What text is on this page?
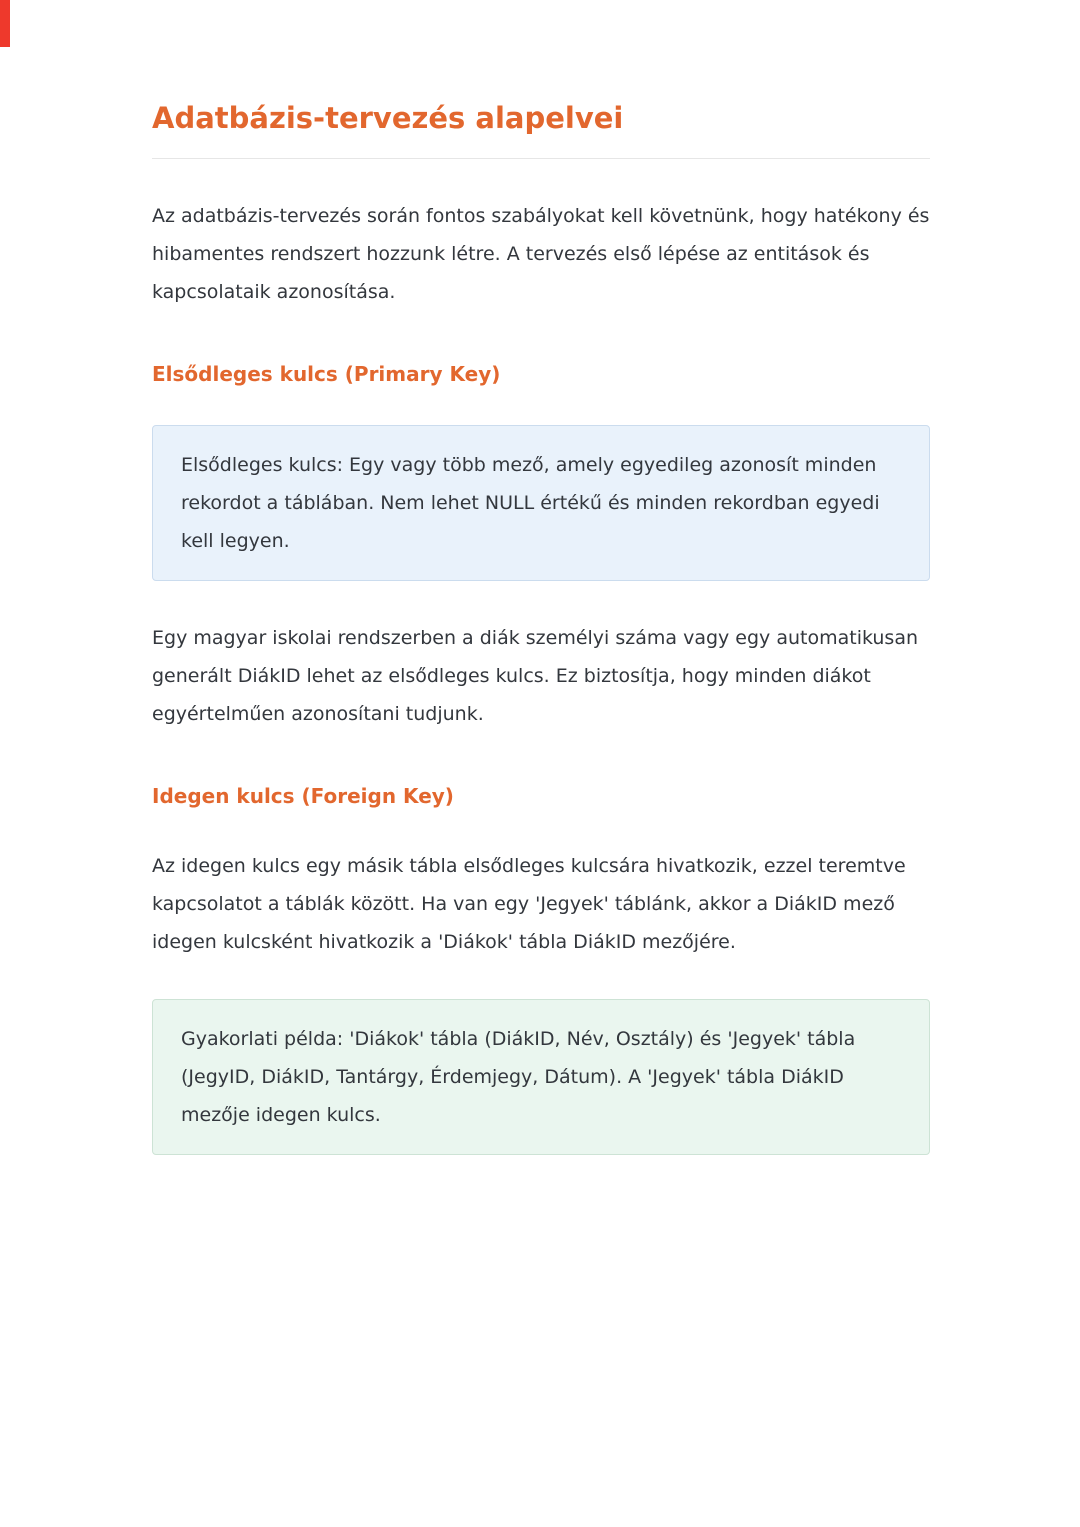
Adatbázis-tervezés alapelvei

Az adatbázis-tervezés során fontos szabályokat kell követnünk, hogy hatékony és hibamentes rendszert hozzunk létre. A tervezés első lépése az entitások és kapcsolataik azonosítása.

Elsődleges kulcs (Primary Key)

Elsődleges kulcs: Egy vagy több mező, amely egyedileg azonosít minden rekordot a táblában. Nem lehet NULL értékű és minden rekordban egyedi kell legyen.

Egy magyar iskolai rendszerben a diák személyi száma vagy egy automatikusan generált DiákID lehet az elsődleges kulcs. Ez biztosítja, hogy minden diákot egyértelműen azonosítani tudjunk.

Idegen kulcs (Foreign Key)

Az idegen kulcs egy másik tábla elsődleges kulcsára hivatkozik, ezzel teremtve kapcsolatot a táblák között. Ha van egy 'Jegyek' táblánk, akkor a DiákID mező idegen kulcsként hivatkozik a 'Diákok' tábla DiákID mezőjére.

Gyakorlati példa: 'Diákok' tábla (DiákID, Név, Osztály) és 'Jegyek' tábla (JegyID, DiákID, Tantárgy, Érdemjegy, Dátum). A 'Jegyek' tábla DiákID mezője idegen kulcs.
